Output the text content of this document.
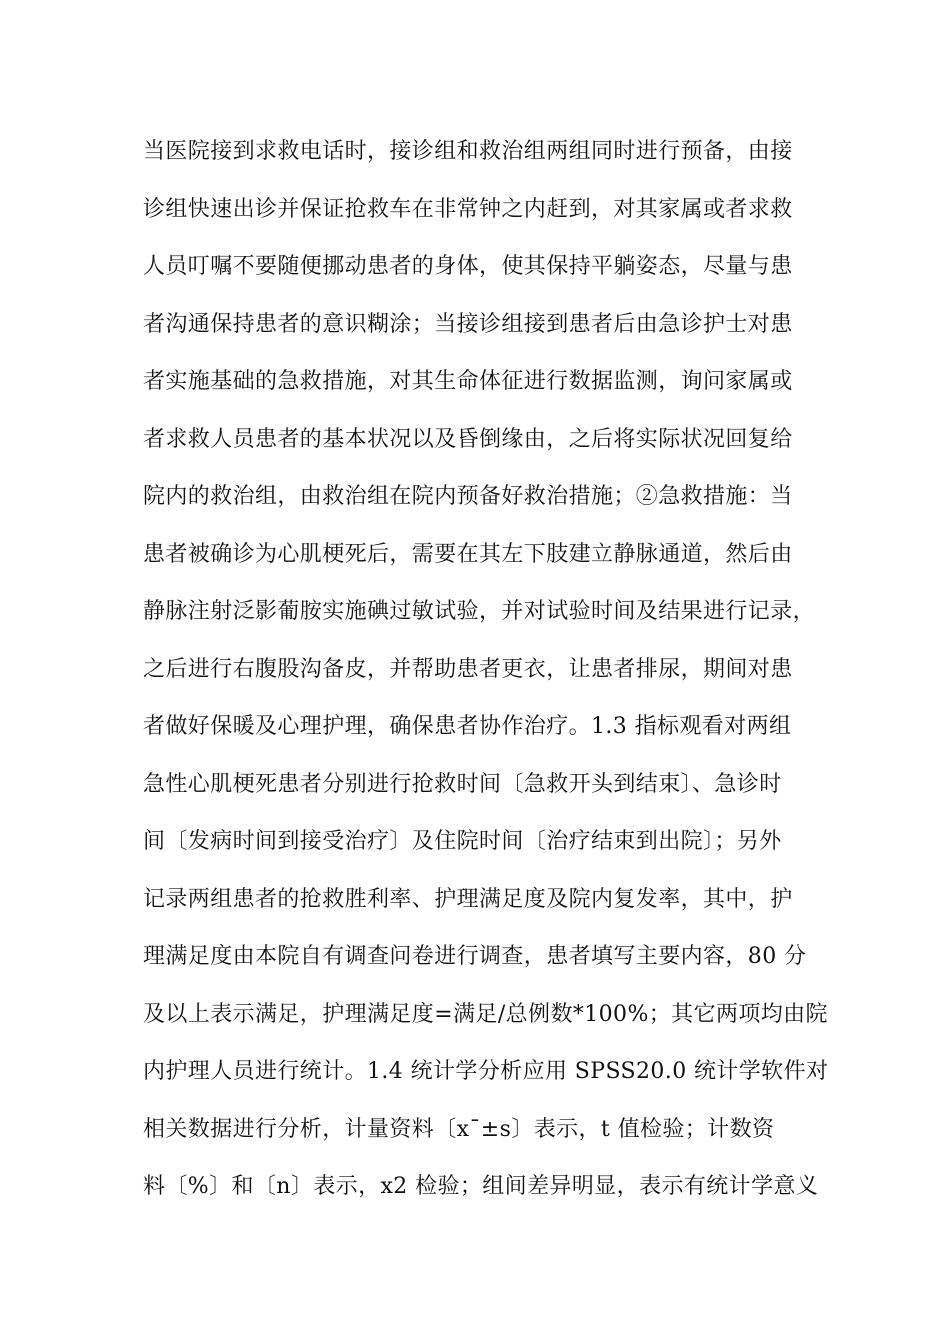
当医院接到求救电话时，接诊组和救治组两组同时进行预备，由接
诊组快速出诊并保证抢救车在非常钟之内赶到，对其家属或者求救
人员叮嘱不要随便挪动患者的身体，使其保持平躺姿态，尽量与患
者沟通保持患者的意识糊涂；当接诊组接到患者后由急诊护士对患
者实施基础的急救措施，对其生命体征进行数据监测，询问家属或
者求救人员患者的基本状况以及昏倒缘由，之后将实际状况回复给
院内的救治组，由救治组在院内预备好救治措施；②急救措施：当
患者被确诊为心肌梗死后，需要在其左下肢建立静脉通道，然后由
静脉注射泛影葡胺实施碘过敏试验，并对试验时间及结果进行记录，
之后进行右腹股沟备皮，并帮助患者更衣，让患者排尿，期间对患
者做好保暖及心理护理，确保患者协作治疗。1.3 指标观看对两组
急性心肌梗死患者分别进行抢救时间〔急救开头到结束〕、急诊时
间〔发病时间到接受治疗〕及住院时间〔治疗结束到出院〕；另外
记录两组患者的抢救胜利率、护理满足度及院内复发率，其中，护
理满足度由本院自有调查问卷进行调查，患者填写主要内容，80 分
及以上表示满足，护理满足度=满足/总例数*100%；其它两项均由院
内护理人员进行统计。1.4 统计学分析应用 SPSS20.0 统计学软件对
相关数据进行分析，计量资料〔x¯±s〕表示，t 值检验；计数资
料〔%〕和〔n〕表示，x2 检验；组间差异明显，表示有统计学意义
